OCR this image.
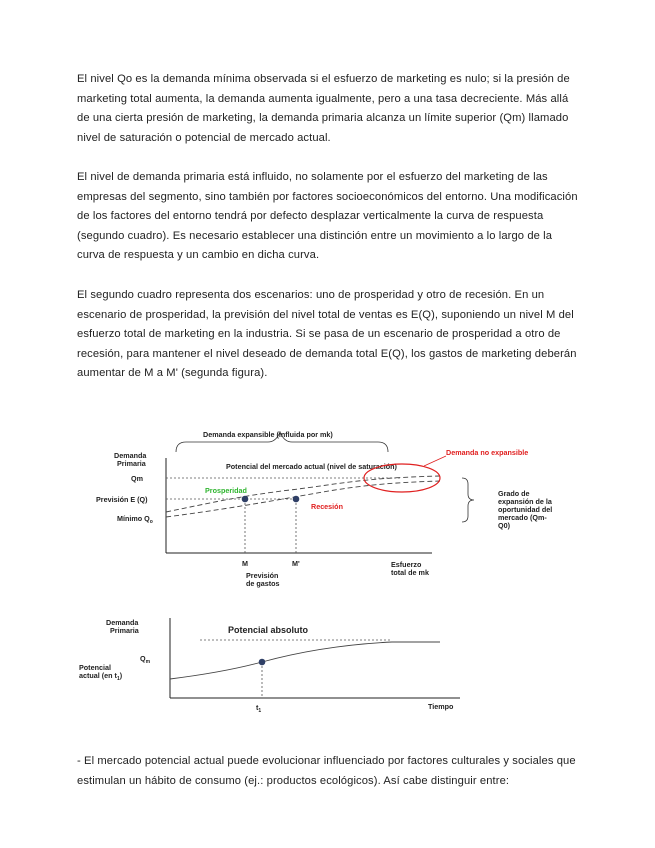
El nivel Qo es la demanda mínima observada si el esfuerzo de marketing es nulo; si la presión de marketing total aumenta, la demanda aumenta igualmente, pero a una tasa decreciente. Más allá de una cierta presión de marketing, la demanda primaria alcanza un límite superior (Qm) llamado nivel de saturación o potencial de mercado actual.

El nivel de demanda primaria está influido, no solamente por el esfuerzo del marketing de las empresas del segmento, sino también por factores socioeconómicos del entorno. Una modificación de los factores del entorno tendrá por defecto desplazar verticalmente la curva de respuesta (segundo cuadro). Es necesario establecer una distinción entre un movimiento a lo largo de la curva de respuesta y un cambio en dicha curva.

El segundo cuadro representa dos escenarios: uno de prosperidad y otro de recesión. En un escenario de prosperidad, la previsión del nivel total de ventas es E(Q), suponiendo un nivel M del esfuerzo total de marketing en la industria. Si se pasa de un escenario de prosperidad a otro de recesión, para mantener el nivel deseado de demanda total E(Q), los gastos de marketing deberán aumentar de M a M' (segunda figura).

Demanda expansible (influida por mk)
Demanda
Primaria
Qm
Previsión E (Q)
Mínimo $Q_o$
Potencial del mercado actual (nivel de saturación)
Prosperidad
Recesión
Demanda no expansible
Grado de
expansión de la
oportunidad del
mercado (Qm-
Q0)
M	M'
Previsión
de gastos
Esfuerzo
total de mk
Demanda
Primaria	Potencial absoluto
$Q_m$
Potencial
actual (en $t_1$)
$t_1$	Tiempo

- El mercado potencial actual puede evolucionar influenciado por factores culturales y sociales que estimulan un hábito de consumo (ej.: productos ecológicos). Así cabe distinguir entre:
